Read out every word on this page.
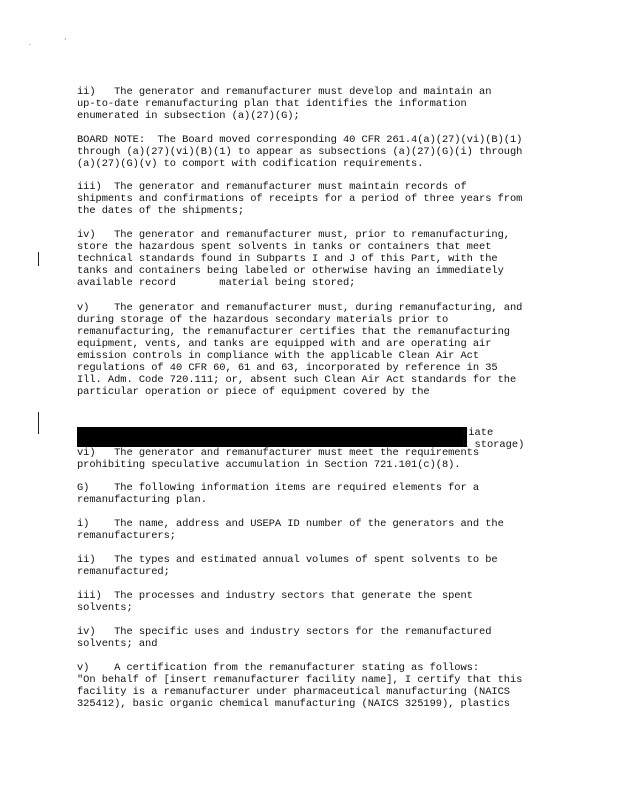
.
,

ii)   The generator and remanufacturer must develop and maintain an
up-to-date remanufacturing plan that identifies the information
enumerated in subsection (a)(27)(G);

BOARD NOTE:  The Board moved corresponding 40 CFR 261.4(a)(27)(vi)(B)(1)
through (a)(27)(vi)(B)(1) to appear as subsections (a)(27)(G)(i) through
(a)(27)(G)(v) to comport with codification requirements.

iii)  The generator and remanufacturer must maintain records of
shipments and confirmations of receipts for a period of three years from
the dates of the shipments;

iv)   The generator and remanufacturer must, prior to remanufacturing,
store the hazardous spent solvents in tanks or containers that meet
technical standards found in Subparts I and J of this Part, with the
tanks and containers being labeled or otherwise having an immediately
available record       material being stored;

v)    The generator and remanufacturer must, during remanufacturing, and
during storage of the hazardous secondary materials prior to
remanufacturing, the remanufacturer certifies that the remanufacturing
equipment, vents, and tanks are equipped with and are operating air
emission controls in compliance with the applicable Clean Air Act
regulations of 40 CFR 60, 61 and 63, incorporated by reference in 35
Ill. Adm. Code 720.111; or, absent such Clean Air Act standards for the
particular operation or piece of equipment covered by the

riate
k storage)

vi)   The generator and remanufacturer must meet the requirements
prohibiting speculative accumulation in Section 721.101(c)(8).

G)    The following information items are required elements for a
remanufacturing plan.

i)    The name, address and USEPA ID number of the generators and the
remanufacturers;

ii)   The types and estimated annual volumes of spent solvents to be
remanufactured;

iii)  The processes and industry sectors that generate the spent
solvents;

iv)   The specific uses and industry sectors for the remanufactured
solvents; and

v)    A certification from the remanufacturer stating as follows:
"On behalf of [insert remanufacturer facility name], I certify that this
facility is a remanufacturer under pharmaceutical manufacturing (NAICS
325412), basic organic chemical manufacturing (NAICS 325199), plastics
